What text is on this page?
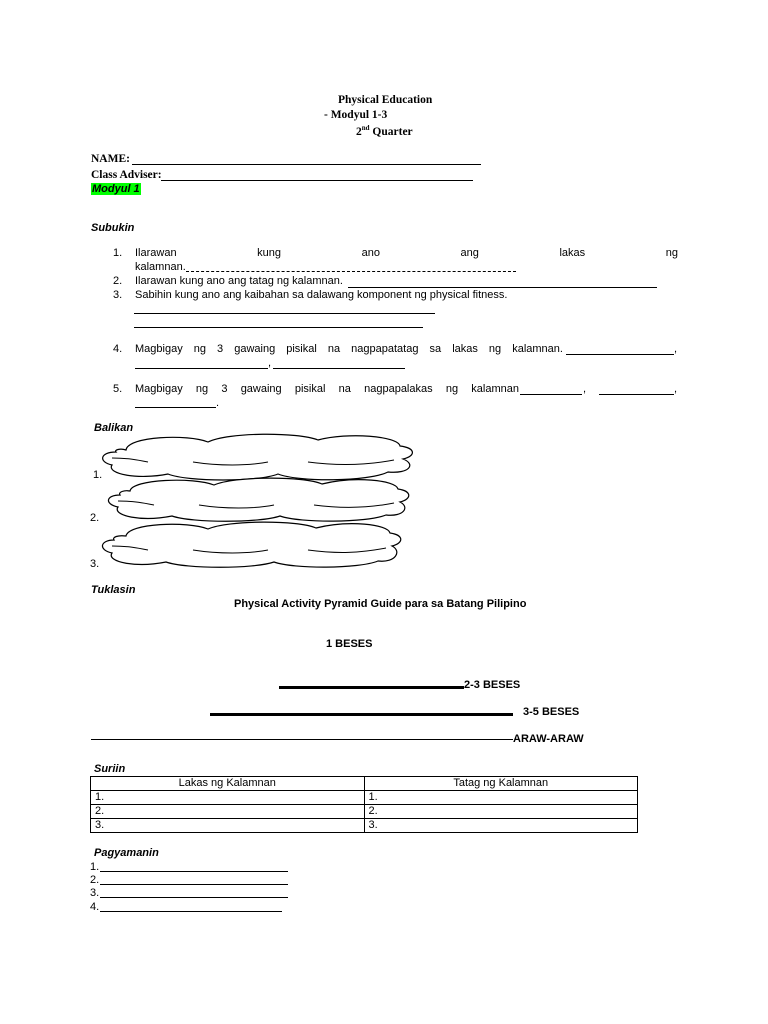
Physical Education
- Modyul 1-3
2nd Quarter
NAME:
Class Adviser:
Modyul 1
Subukin
1. Ilarawan	kung	ano	ang	lakas	ng
kalamnan.
2. Ilarawan kung ano ang tatag ng kalamnan.
3. Sabihin kung ano ang kaibahan sa dalawang komponent ng physical fitness.
4. Magbigay ng 3 gawaing pisikal na nagpapatatag sa lakas ng kalamnan.	,
,
5. Magbigay ng 3 gawaing pisikal na nagpapalakas ng kalamnan	,	,
.
Balikan
1.
2.
3.
Tuklasin
Physical Activity Pyramid Guide para sa Batang Pilipino
1 BESES
2-3 BESES
3-5 BESES
ARAW-ARAW
Suriin
Lakas ng Kalamnan	Tatag ng Kalamnan
1.	1.
2.	2.
3.	3.
Pagyamanin
1.
2.
3.
4.
